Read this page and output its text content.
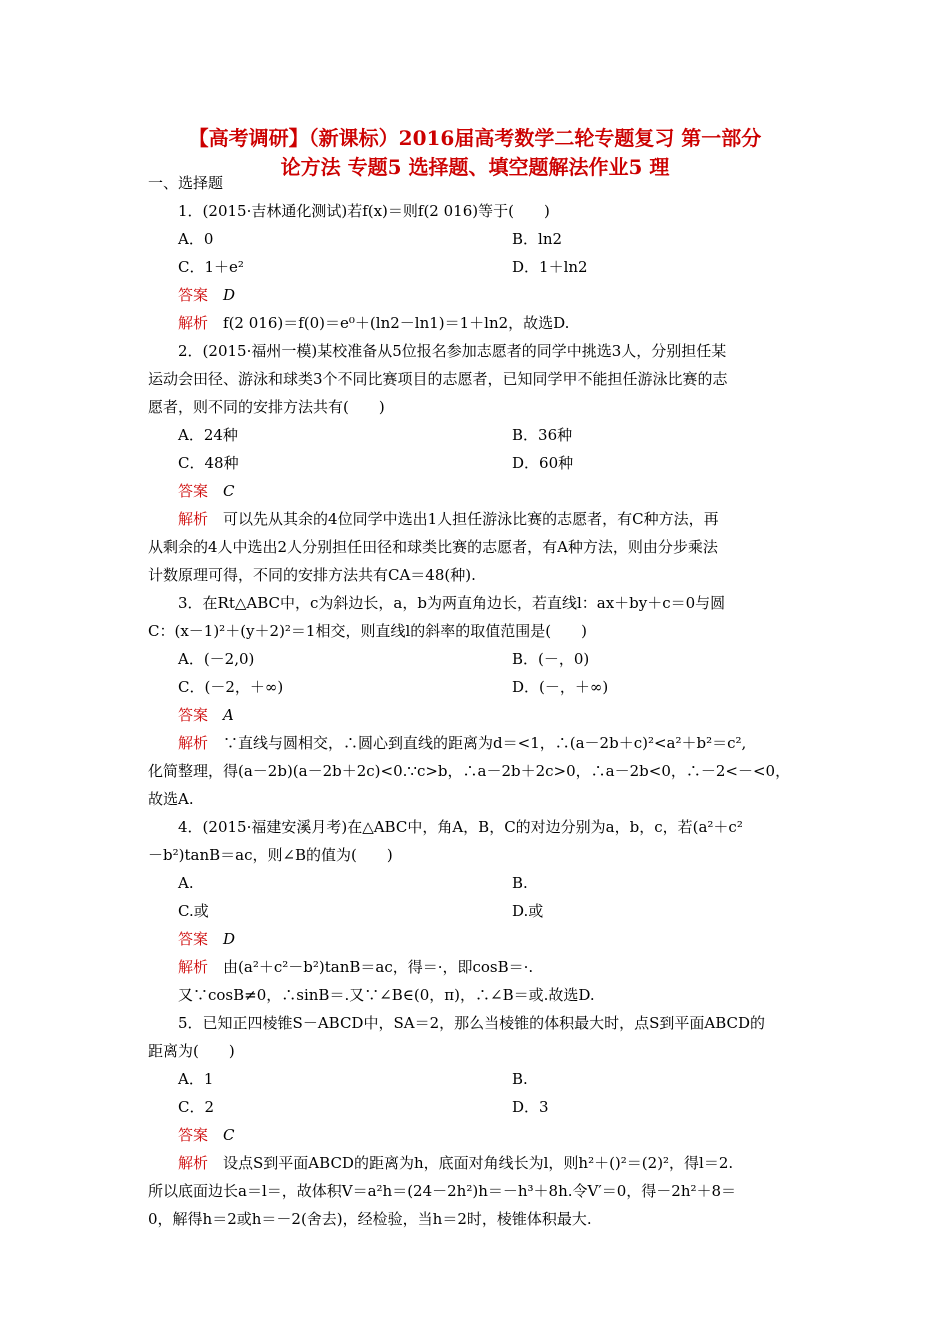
【高考调研】（新课标）2016届高考数学二轮专题复习 第一部分
论方法 专题5 选择题、填空题解法作业5 理
一、选择题
1．(2015·吉林通化测试)若f(x)＝则f(2 016)等于(　　)
A．0	B．ln2
C．1＋e²	D．1＋ln2
答案　 D
解析　 f(2 016)＝f(0)＝e⁰＋(ln2－ln1)＝1＋ln2，故选D.
2．(2015·福州一模)某校准备从5位报名参加志愿者的同学中挑选3人，分别担任某
运动会田径、游泳和球类3个不同比赛项目的志愿者，已知同学甲不能担任游泳比赛的志
愿者，则不同的安排方法共有(　　)
A．24种	B．36种
C．48种	D．60种
答案　 C
解析　 可以先从其余的4位同学中选出1人担任游泳比赛的志愿者，有C种方法，再
从剩余的4人中选出2人分别担任田径和球类比赛的志愿者，有A种方法，则由分步乘法
计数原理可得，不同的安排方法共有CA＝48(种).
3．在Rt△ABC中，c为斜边长，a，b为两直角边长，若直线l：ax＋by＋c＝0与圆
C：(x－1)²＋(y＋2)²＝1相交，则直线l的斜率的取值范围是(　　)
A．(－2,0)	B．(－，0)
C．(－2，＋∞)	D．(－，＋∞)
答案　 A
解析　 ∵直线与圆相交，∴圆心到直线的距离为d＝<1，∴(a－2b＋c)²<a²＋b²＝c²,
化简整理，得(a－2b)(a－2b＋2c)<0.∵c>b，∴a－2b＋2c>0，∴a－2b<0，∴－2<－<0，
故选A.
4．(2015·福建安溪月考)在△ABC中，角A，B，C的对边分别为a，b，c，若(a²＋c²
－b²)tanB＝ac，则∠B的值为(　　)
A.	B.
C.或	D.或
答案　 D
解析　 由(a²＋c²－b²)tanB＝ac，得＝·，即cosB＝·.
又∵cosB≠0，∴sinB＝.又∵∠B∈(0，π)，∴∠B＝或.故选D.
5．已知正四棱锥S－ABCD中，SA＝2，那么当棱锥的体积最大时，点S到平面ABCD的
距离为(　　)
A．1	B.
C．2	D．3
答案　 C
解析　 设点S到平面ABCD的距离为h，底面对角线长为l，则h²＋()²＝(2)²，得l＝2.
所以底面边长a＝l＝，故体积V＝a²h＝(24－2h²)h＝－h³＋8h.令V′＝0，得－2h²＋8＝
0，解得h＝2或h＝－2(舍去)，经检验，当h＝2时，棱锥体积最大.
